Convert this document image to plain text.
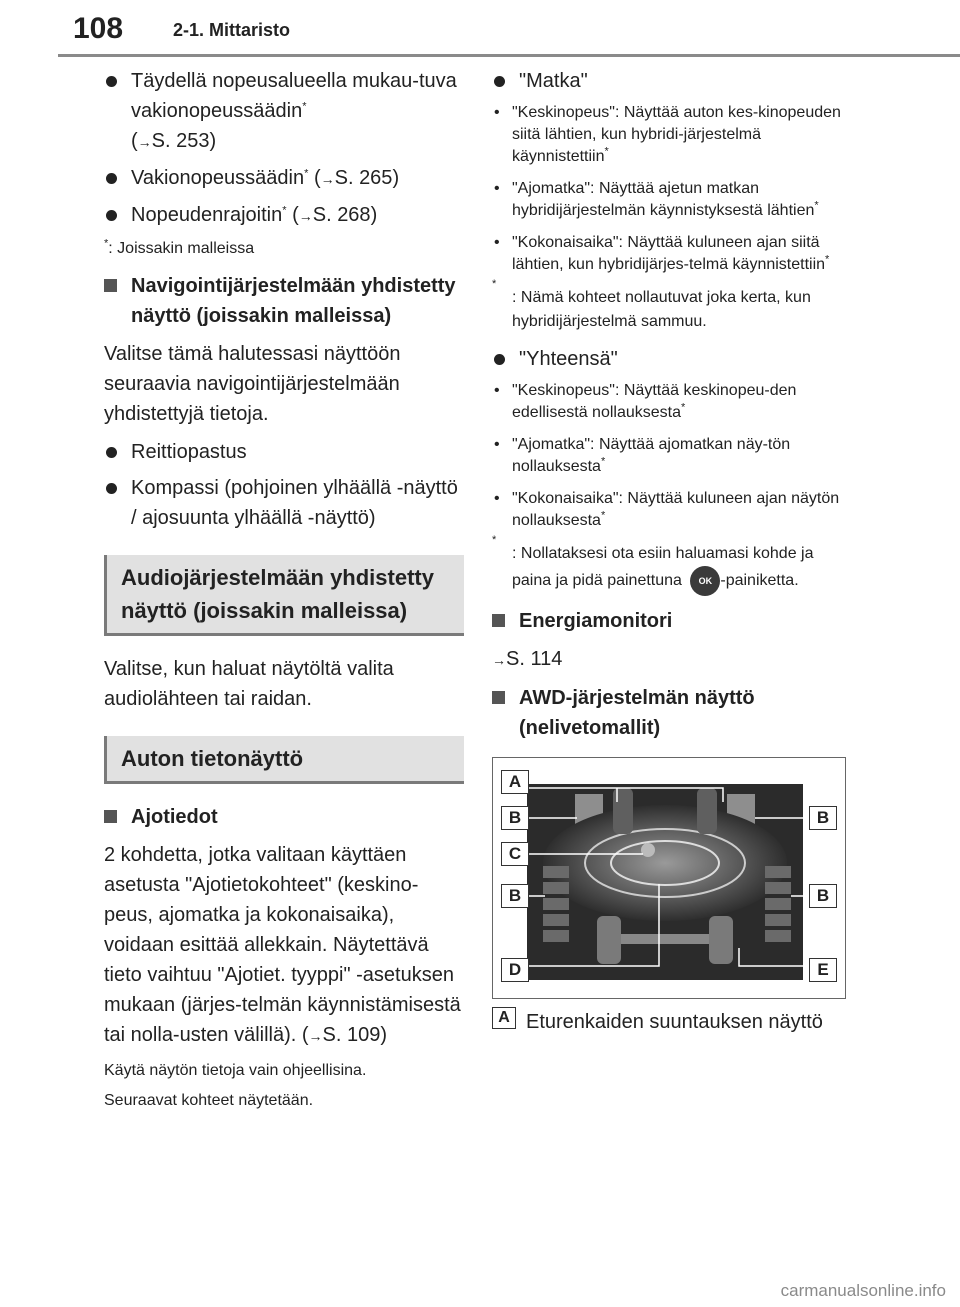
108	2-1. Mittaristo
Täydellä nopeusalueella mukau-tuva vakionopeussäädin*
(→S. 253)
Vakionopeussäädin* (→S. 265)
Nopeudenrajoitin* (→S. 268)
*: Joissakin malleissa
Navigointijärjestelmään yhdistetty näyttö (joissakin malleissa)

Valitse tämä halutessasi näyttöön seuraavia navigointijärjestelmään yhdistettyjä tietoja.

Reittiopastus
Kompassi (pohjoinen ylhäällä -näyttö / ajosuunta ylhäällä -näyttö)
Audiojärjestelmään yhdistetty näyttö (joissakin malleissa)

Valitse, kun haluat näytöltä valita audiolähteen tai raidan.

Auton tietonäyttö
Ajotiedot

2 kohdetta, jotka valitaan käyttäen asetusta "Ajotietokohteet" (keskino-peus, ajomatka ja kokonaisaika), voidaan esittää allekkain. Näytettävä tieto vaihtuu "Ajotiet. tyyppi" -asetuksen mukaan (järjes-telmän käynnistämisestä tai nolla-usten välillä). (→S. 109)

Käytä näytön tietoja vain ohjeellisina.
Seuraavat kohteet näytetään.
"Matka"
• "Keskinopeus": Näyttää auton kes-kinopeuden siitä lähtien, kun hybridi-järjestelmä käynnistettiin*
• "Ajomatka": Näyttää ajetun matkan hybridijärjestelmän käynnistyksestä lähtien*
• "Kokonaisaika": Näyttää kuluneen ajan siitä lähtien, kun hybridijärjes-telmä käynnistettiin*
*
: Nämä kohteet nollautuvat joka kerta, kun hybridijärjestelmä sammuu.
"Yhteensä"
• "Keskinopeus": Näyttää keskinopeu-den edellisestä nollauksesta*
• "Ajomatka": Näyttää ajomatkan näy-tön nollauksesta*
• "Kokonaisaika": Näyttää kuluneen ajan näytön nollauksesta*
*
: Nollataksesi ota esiin haluamasi kohde ja paina ja pidä painettuna OK -painiketta.
Energiamonitori
→S. 114
AWD-järjestelmän näyttö (nelivetomallit)
A
B	B
C
B	B
D	E
A Eturenkaiden suuntauksen näyttö
carmanualsonline.info
